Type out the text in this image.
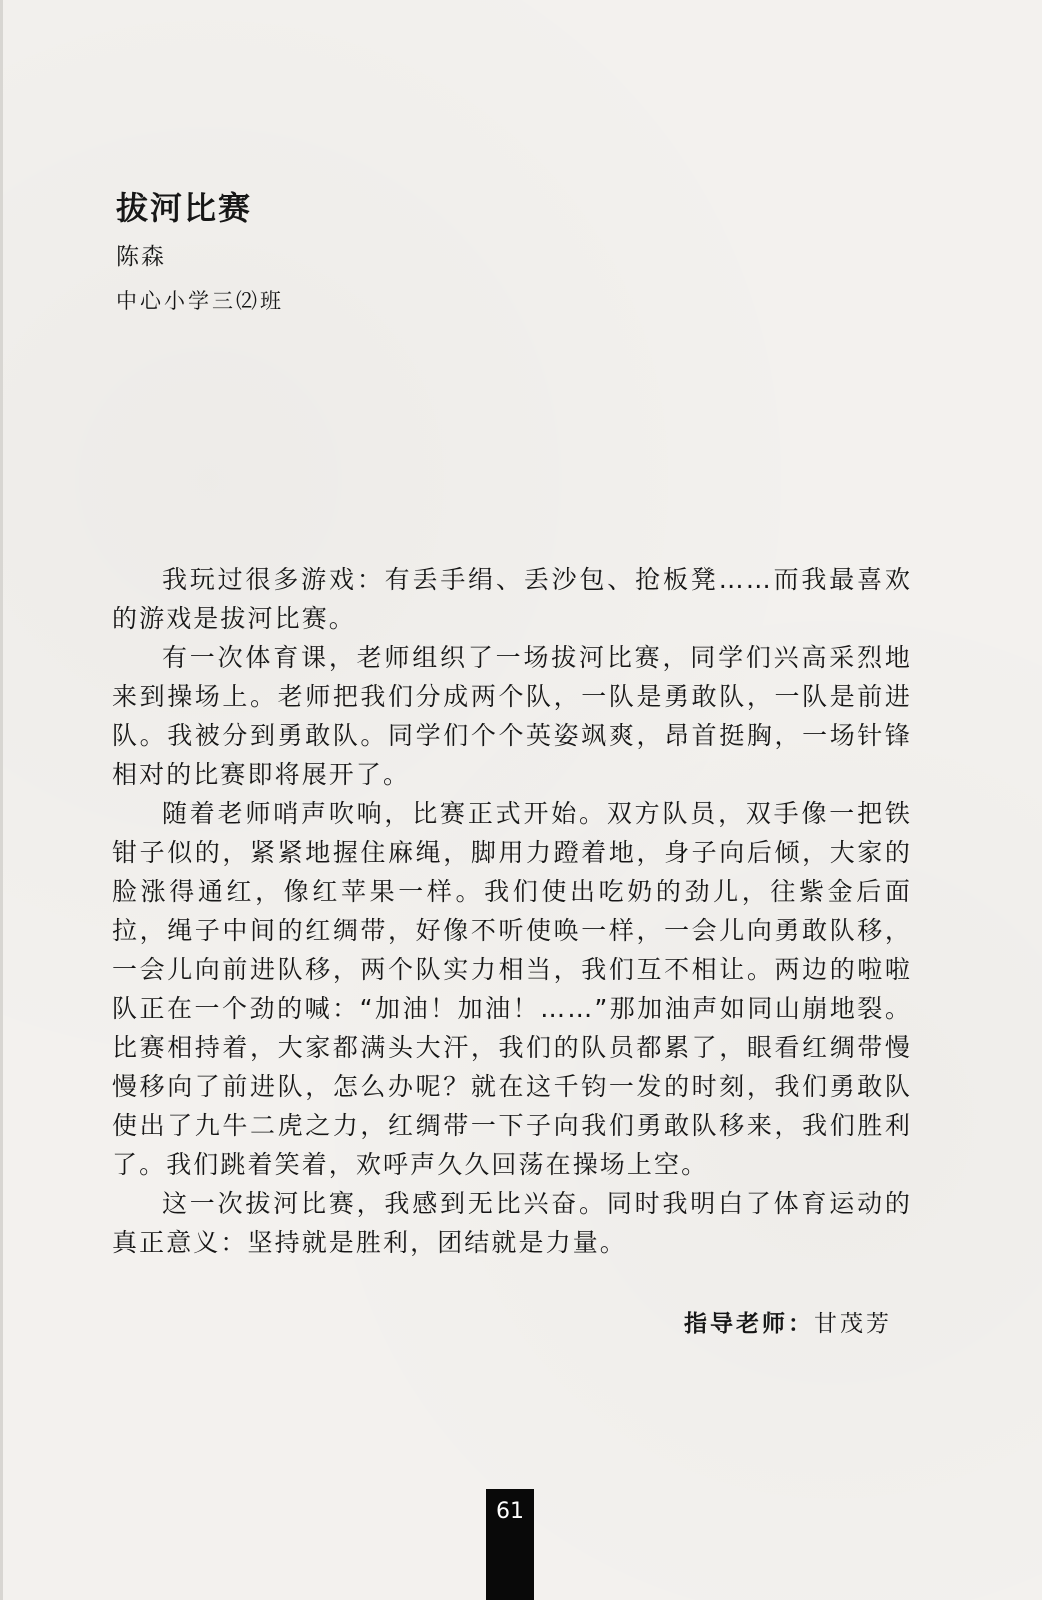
拔河比赛
陈森
中心小学三⑵班

我玩过很多游戏：有丢手绢、丢沙包、抢板凳……而我最喜欢的游戏是拔河比赛。

有一次体育课，老师组织了一场拔河比赛，同学们兴高采烈地来到操场上。老师把我们分成两个队，一队是勇敢队，一队是前进队。我被分到勇敢队。同学们个个英姿飒爽，昂首挺胸，一场针锋相对的比赛即将展开了。

随着老师哨声吹响，比赛正式开始。双方队员，双手像一把铁钳子似的，紧紧地握住麻绳，脚用力蹬着地，身子向后倾，大家的脸涨得通红，像红苹果一样。我们使出吃奶的劲儿，往紫金后面拉，绳子中间的红绸带，好像不听使唤一样，一会儿向勇敢队移，一会儿向前进队移，两个队实力相当，我们互不相让。两边的啦啦队正在一个劲的喊：“加油！加油！……”那加油声如同山崩地裂。比赛相持着，大家都满头大汗，我们的队员都累了，眼看红绸带慢慢移向了前进队，怎么办呢？就在这千钧一发的时刻，我们勇敢队使出了九牛二虎之力，红绸带一下子向我们勇敢队移来，我们胜利了。我们跳着笑着，欢呼声久久回荡在操场上空。

这一次拔河比赛，我感到无比兴奋。同时我明白了体育运动的真正意义：坚持就是胜利，团结就是力量。

指导老师：甘茂芳
61
